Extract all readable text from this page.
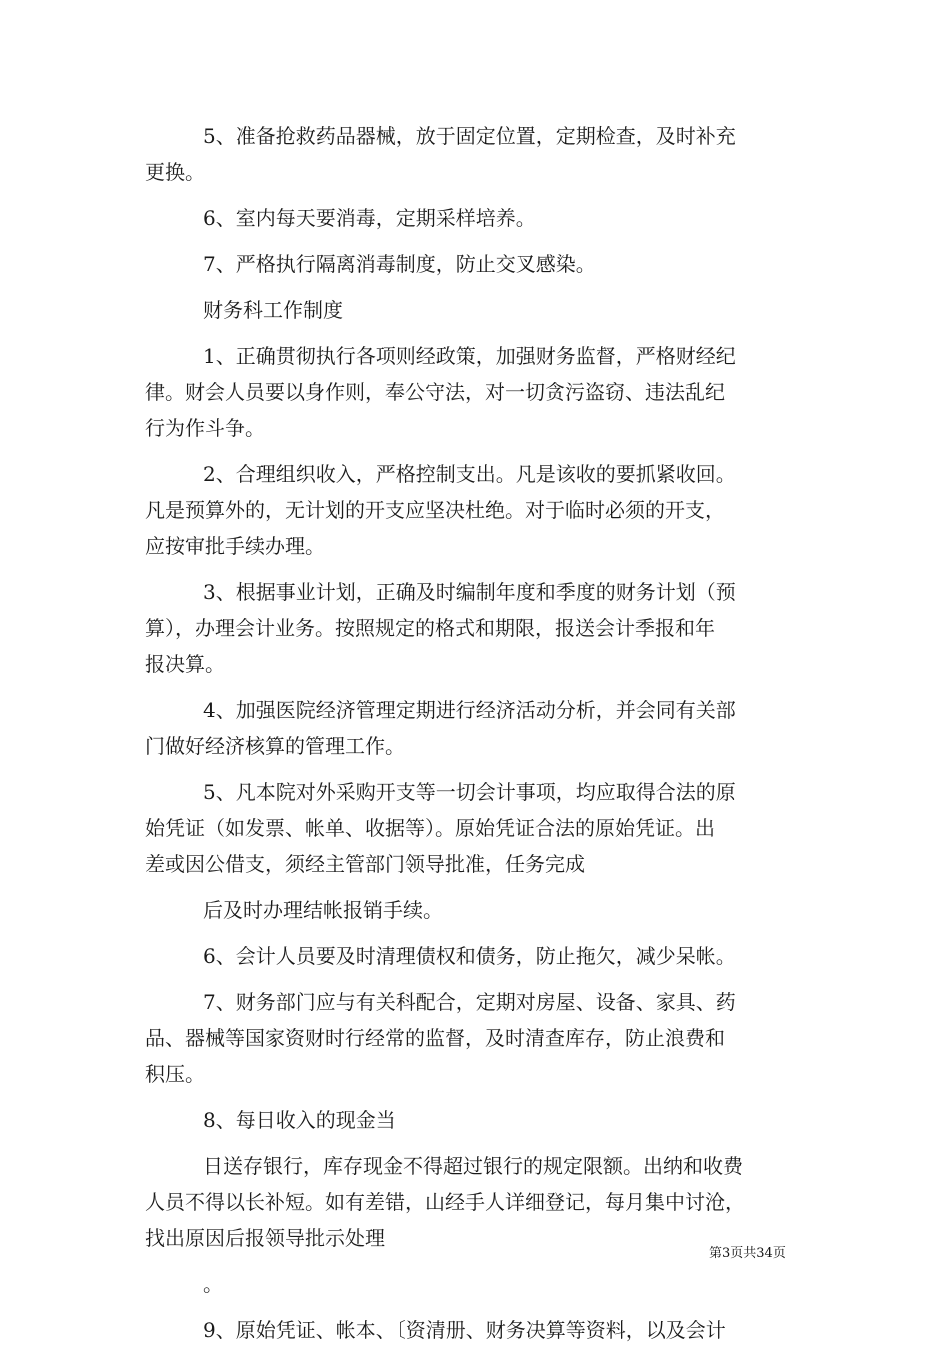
5、准备抢救药品器械，放于固定位置，定期检查，及时补充
更换。
6、室内每天要消毒，定期采样培养。
7、严格执行隔离消毒制度，防止交叉感染。
财务科工作制度
1、正确贯彻执行各项则经政策，加强财务监督，严格财经纪
律。财会人员要以身作则，奉公守法，对一切贪污盗窃、违法乱纪
行为作斗争。
2、合理组织收入，严格控制支出。凡是该收的要抓紧收回。
凡是预算外的，无计划的开支应坚决杜绝。对于临时必须的开支，
应按审批手续办理。
3、根据事业计划，正确及时编制年度和季度的财务计划（预
算），办理会计业务。按照规定的格式和期限，报送会计季报和年
报决算。
4、加强医院经济管理定期进行经济活动分析，并会同有关部
门做好经济核算的管理工作。
5、凡本院对外采购开支等一切会计事项，均应取得合法的原
始凭证（如发票、帐单、收据等）。原始凭证合法的原始凭证。出
差或因公借支，须经主管部门领导批准，任务完成
后及时办理结帐报销手续。
6、会计人员要及时清理债权和债务，防止拖欠，减少呆帐。
7、财务部门应与有关科配合，定期对房屋、设备、家具、药
品、器械等国家资财时行经常的监督，及时清查库存，防止浪费和
积压。
8、每日收入的现金当
日送存银行，库存现金不得超过银行的规定限额。出纳和收费
人员不得以长补短。如有差错，山经手人详细登记，每月集中讨沧，
找出原因后报领导批示处理
。
9、原始凭证、帐本、〔资清册、财务决算等资料，以及会计
第3页共34页
